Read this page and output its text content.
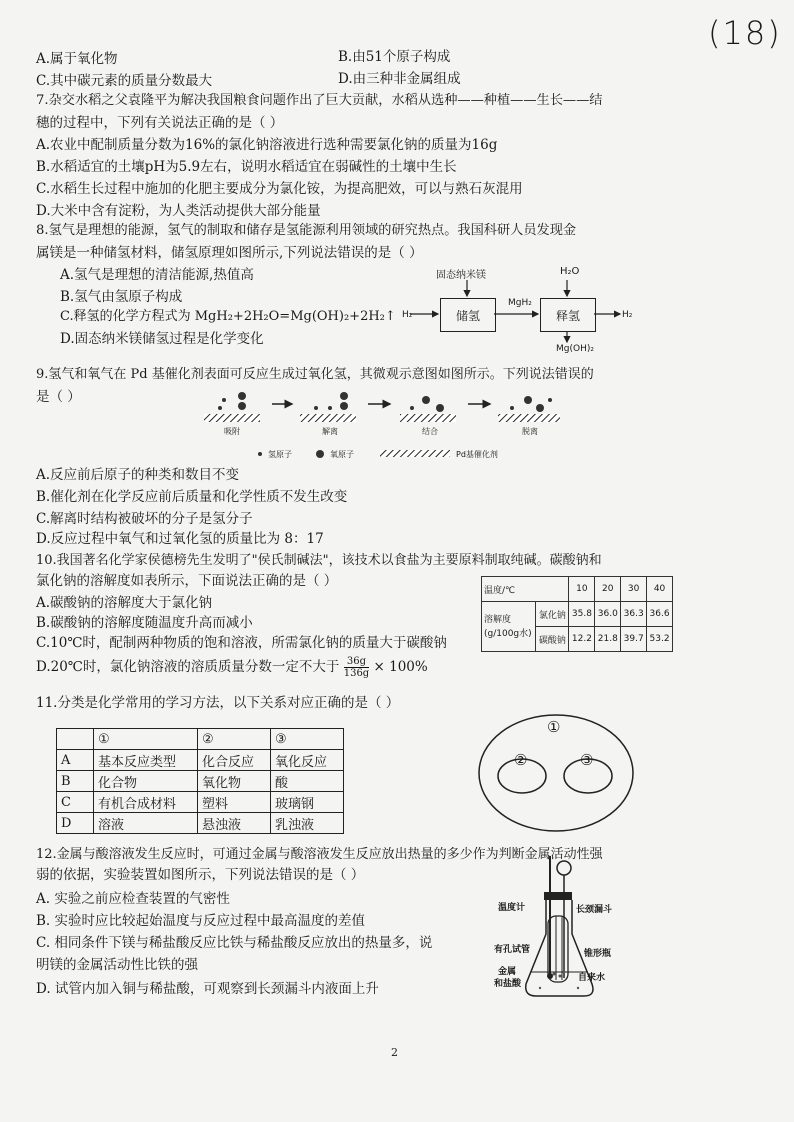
(18)
A.属于氧化物	B.由51个原子构成
C.其中碳元素的质量分数最大	D.由三种非金属组成
7.杂交水稻之父袁隆平为解决我国粮食问题作出了巨大贡献，水稻从选种——种植——生长——结
穗的过程中，下列有关说法正确的是（ ）
A.农业中配制质量分数为16%的氯化钠溶液进行选种需要氯化钠的质量为16g
B.水稻适宜的土壤pH为5.9左右，说明水稻适宜在弱碱性的土壤中生长
C.水稻生长过程中施加的化肥主要成分为氯化铵，为提高肥效，可以与熟石灰混用
D.大米中含有淀粉，为人类活动提供大部分能量
8.氢气是理想的能源，氢气的制取和储存是氢能源利用领域的研究热点。我国科研人员发现金
属镁是一种储氢材料，储氢原理如图所示,下列说法错误的是（ ）
A.氢气是理想的清洁能源,热值高
B.氢气由氢原子构成
C.释氢的化学方程式为 MgH₂+2H₂O=Mg(OH)₂+2H₂↑
D.固态纳米镁储氢过程是化学变化
固态纳米镁	H₂O
H₂	储氢
MgH₂
释氢	H₂
Mg(OH)₂
9.氢气和氧气在 Pd 基催化剂表面可反应生成过氧化氢，其微观示意图如图所示。下列说法错误的
是（ ）
吸附	解离	结合	脱离
氢原子	氧原子	Pd基催化剂
A.反应前后原子的种类和数目不变
B.催化剂在化学反应前后质量和化学性质不发生改变
C.解离时结构被破坏的分子是氢分子
D.反应过程中氧气和过氧化氢的质量比为 8：17
10.我国著名化学家侯德榜先生发明了"侯氏制碱法"，该技术以食盐为主要原料制取纯碱。碳酸钠和
氯化钠的溶解度如表所示，下面说法正确的是（ ）
A.碳酸钠的溶解度大于氯化钠
B.碳酸钠的溶解度随温度升高而减小
C.10℃时，配制两种物质的饱和溶液，所需氯化钠的质量大于碳酸钠
D.20℃时，氯化钠溶液的溶质质量分数一定不大于 $\frac{36g}{136g} \times 100\%$
温度/℃		10	20	30	40
溶解度
(g/100g水)	氯化钠	35.8	36.0	36.3	36.6
	碳酸钠	12.2	21.8	39.7	53.2
11.分类是化学常用的学习方法，以下关系对应正确的是（ ）
	①	②	③
A	基本反应类型	化合反应	氧化反应
B	化合物	氧化物	酸
C	有机合成材料	塑料	玻璃钢
D	溶液	悬浊液	乳浊液
①
②	③
12.金属与酸溶液发生反应时，可通过金属与酸溶液发生反应放出热量的多少作为判断金属活动性强
弱的依据，实验装置如图所示，下列说法错误的是（ ）
A. 实验之前应检查装置的气密性
B. 实验时应比较起始温度与反应过程中最高温度的差值
C. 相同条件下镁与稀盐酸反应比铁与稀盐酸反应放出的热量多，说
明镁的金属活动性比铁的强
D. 试管内加入铜与稀盐酸，可观察到长颈漏斗内液面上升
温度计	长颈漏斗
有孔试管	锥形瓶
金属
和盐酸
自来水
2
